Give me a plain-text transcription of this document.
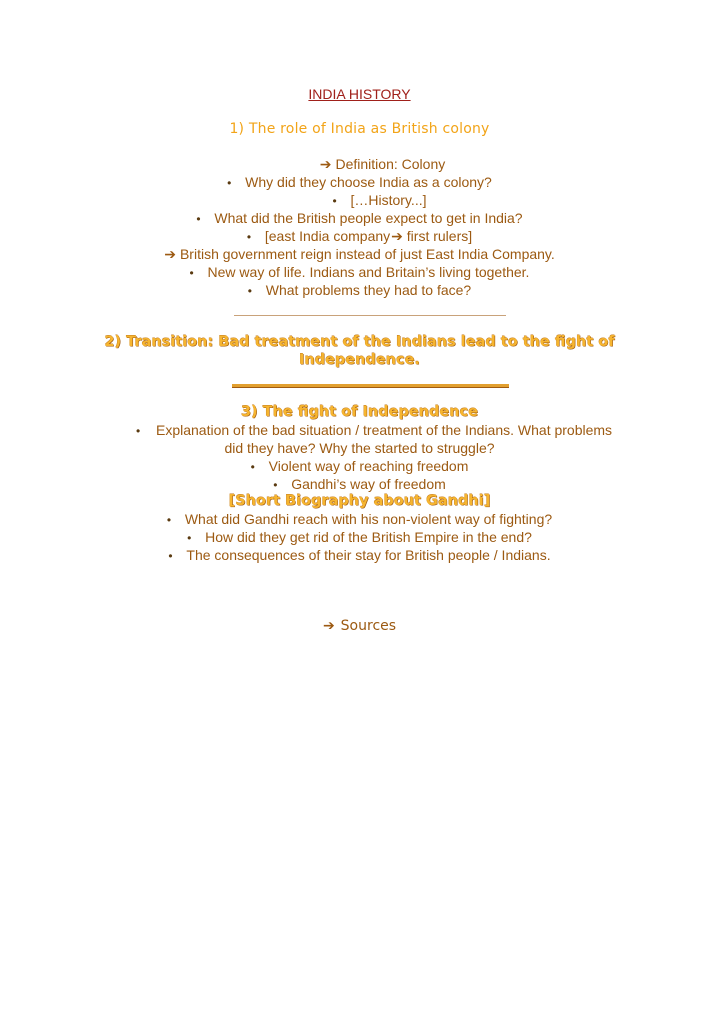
INDIA HISTORY
1) The role of India as British colony
➔ Definition: Colony
• Why did they choose India as a colony?
• […History...]
• What did the British people expect to get in India?
• [east India company➔ first rulers]
➔ British government reign instead of just East India Company.
• New way of life. Indians and Britain’s living together.
• What problems they had to face?
2) Transition: Bad treatment of the Indians lead to the fight of
Independence.
3) The fight of Independence
• Explanation of the bad situation / treatment of the Indians. What problems
did they have? Why the started to struggle?
• Violent way of reaching freedom
• Gandhi’s way of freedom
[Short Biography about Gandhi]
• What did Gandhi reach with his non-violent way of fighting?
• How did they get rid of the British Empire in the end?
• The consequences of their stay for British people / Indians.
➔ Sources
